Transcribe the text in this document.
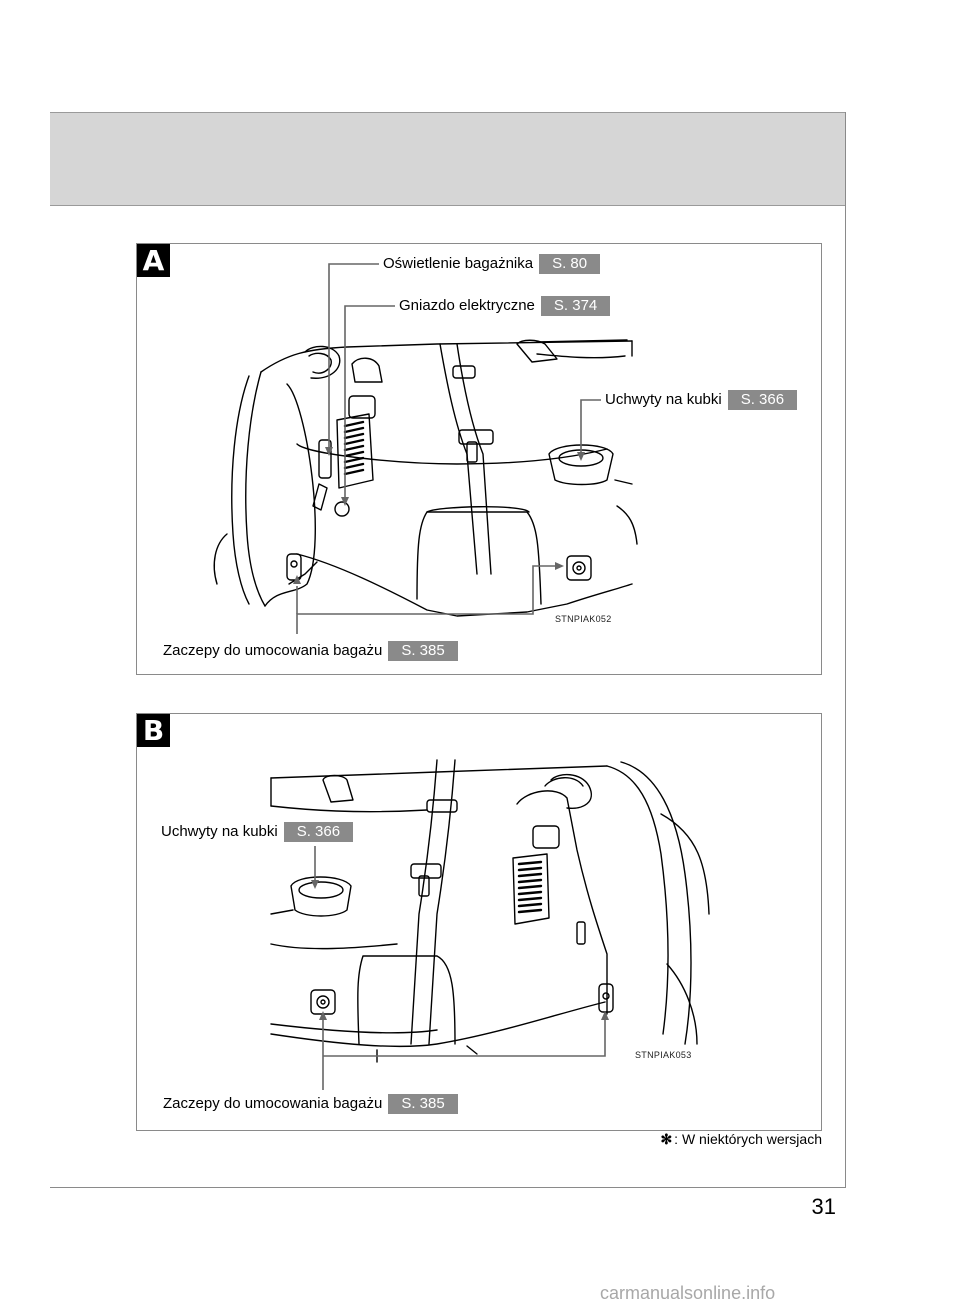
A	Oświetlenie bagażnika S. 80
Gniazdo elektryczne S. 374
Uchwyty na kubki S. 366
Zaczepy do umocowania bagażu S. 385
STNPIAK052
B
Uchwyty na kubki S. 366
Zaczepy do umocowania bagażu S. 385
STNPIAK053
✻ : W niektórych wersjach
31
carmanualsonline.info
